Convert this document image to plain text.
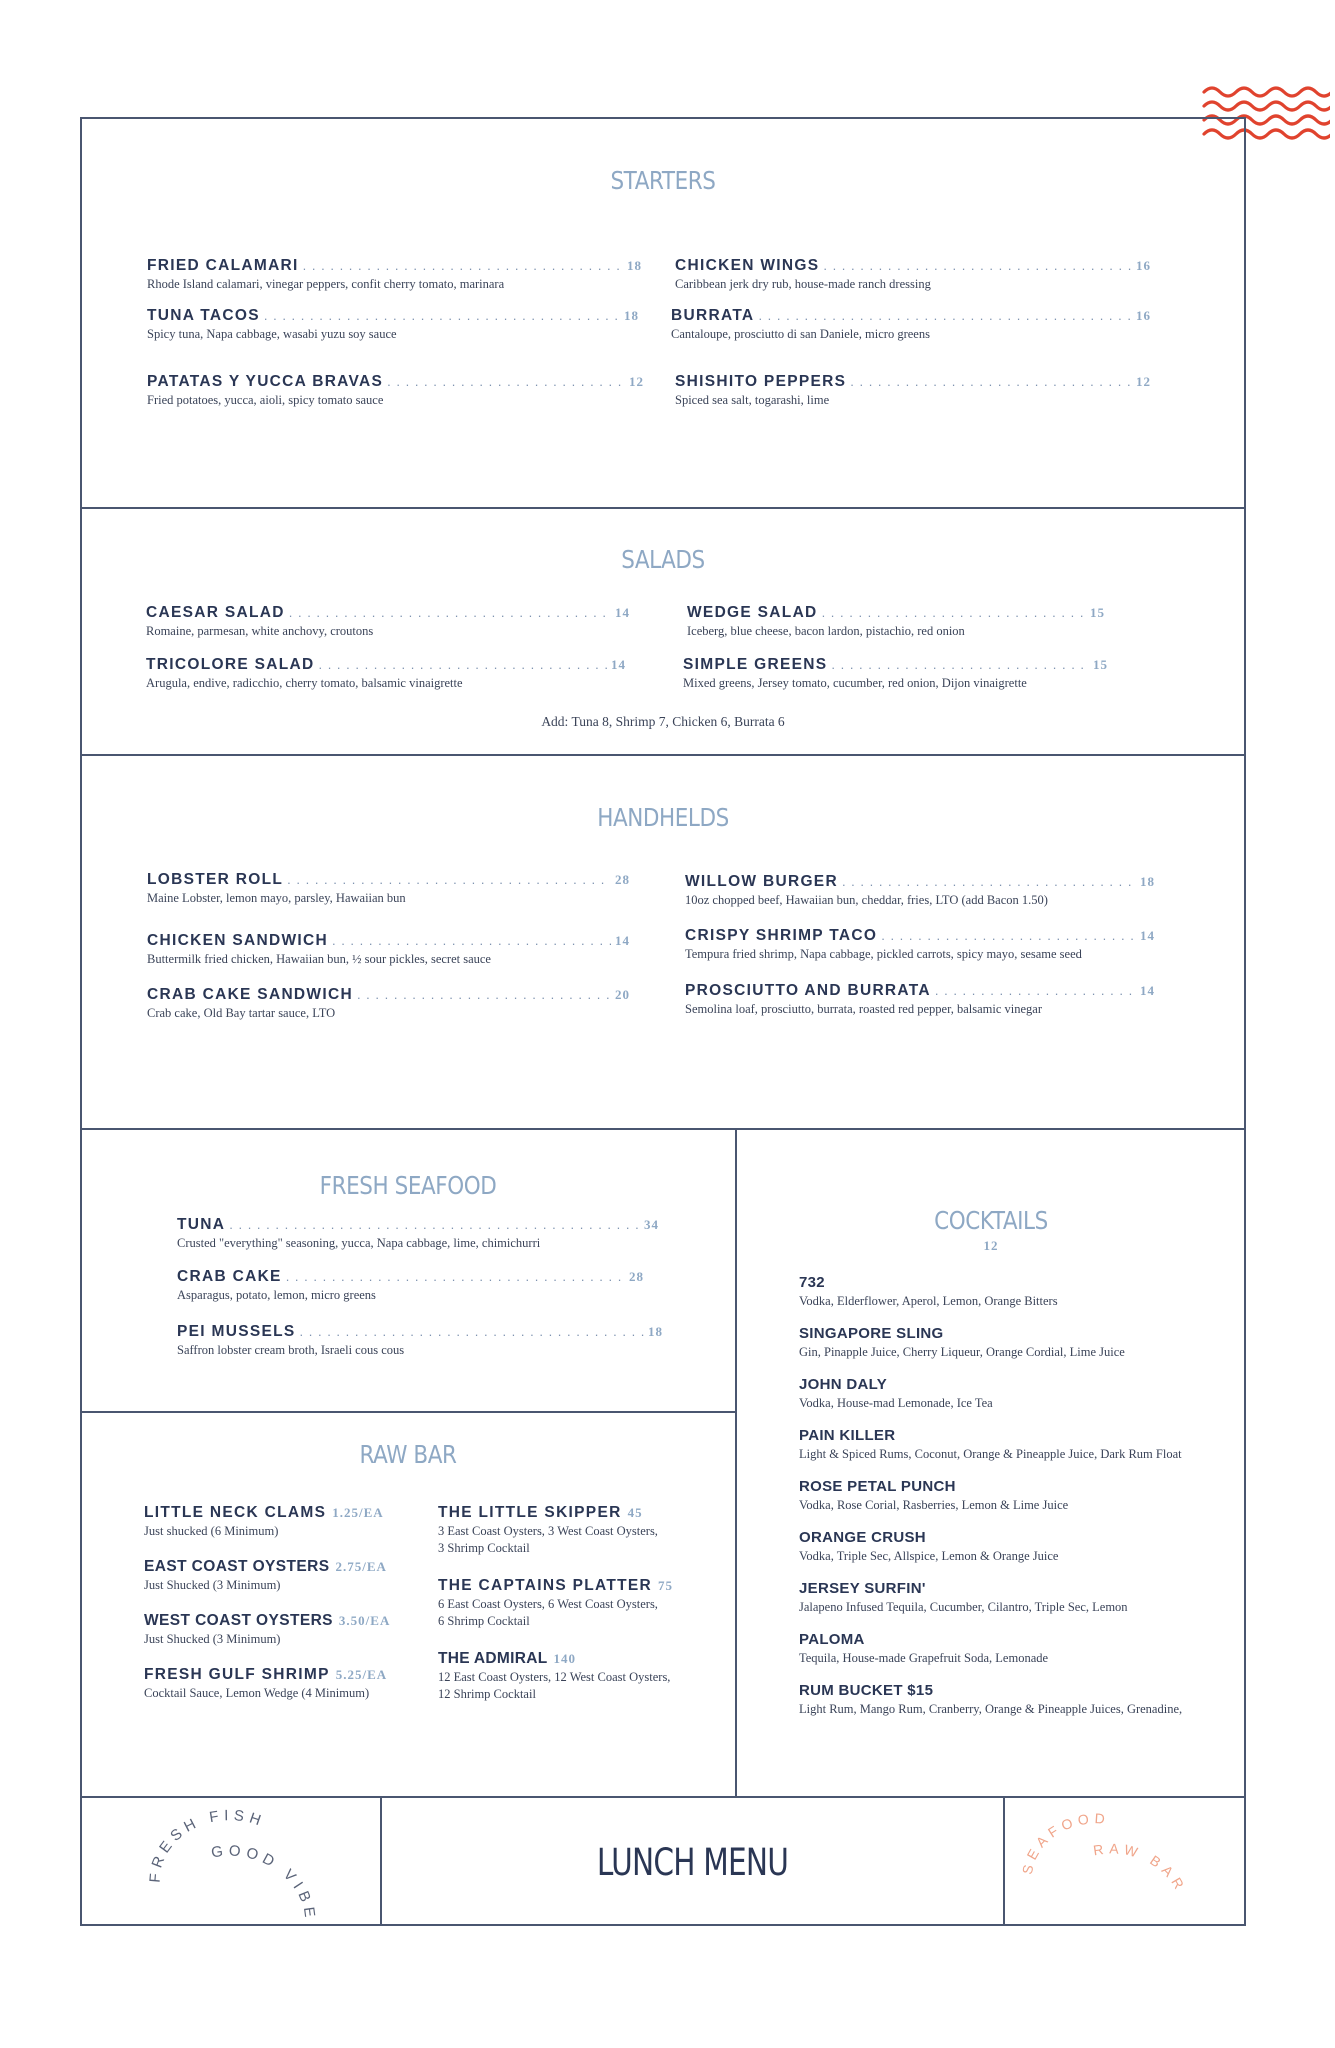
STARTERS
FRIED CALAMARI . . .	18
Rhode Island calamari, vinegar peppers, confit cherry tomato, marinara
CHICKEN WINGS . . .	16
Caribbean jerk dry rub, house-made ranch dressing
TUNA TACOS . . .	18
Spicy tuna, Napa cabbage, wasabi yuzu soy sauce
BURRATA . . .	16
Cantaloupe, prosciutto di san Daniele, micro greens
PATATAS Y YUCCA BRAVAS . . .	12
Fried potatoes, yucca, aioli, spicy tomato sauce
SHISHITO PEPPERS . . .	12
Spiced sea salt, togarashi, lime
SALADS
CAESAR SALAD . . .	14
Romaine, parmesan, white anchovy, croutons
WEDGE SALAD . . .	15
Iceberg, blue cheese, bacon lardon, pistachio, red onion
TRICOLORE SALAD . . .	14
Arugula, endive, radicchio, cherry tomato, balsamic vinaigrette
SIMPLE GREENS . . .	15
Mixed greens, Jersey tomato, cucumber, red onion, Dijon vinaigrette
Add: Tuna 8, Shrimp 7, Chicken 6, Burrata 6
HANDHELDS
LOBSTER ROLL . . .	28
Maine Lobster, lemon mayo, parsley, Hawaiian bun
WILLOW BURGER . . .	18
10oz chopped beef, Hawaiian bun, cheddar, fries, LTO (add Bacon 1.50)
CHICKEN SANDWICH . . .	14
Buttermilk fried chicken, Hawaiian bun, ½ sour pickles, secret sauce
CRISPY SHRIMP TACO . . .	14
Tempura fried shrimp, Napa cabbage, pickled carrots, spicy mayo, sesame seed
CRAB CAKE SANDWICH . . .	20
Crab cake, Old Bay tartar sauce, LTO
PROSCIUTTO AND BURRATA . . .	14
Semolina loaf, prosciutto, burrata, roasted red pepper, balsamic vinegar
FRESH SEAFOOD
TUNA . . .	34
Crusted "everything" seasoning, yucca, Napa cabbage, lime, chimichurri
CRAB CAKE . . .	28
Asparagus, potato, lemon, micro greens
PEI MUSSELS . . .	18
Saffron lobster cream broth, Israeli cous cous
RAW BAR
LITTLE NECK CLAMS 1.25/EA
Just shucked (6 Minimum)
EAST COAST OYSTERS 2.75/EA
Just Shucked (3 Minimum)
WEST COAST OYSTERS 3.50/EA
Just Shucked (3 Minimum)
FRESH GULF SHRIMP 5.25/EA
Cocktail Sauce, Lemon Wedge (4 Minimum)
THE LITTLE SKIPPER 45
3 East Coast Oysters, 3 West Coast Oysters,
3 Shrimp Cocktail
THE CAPTAINS PLATTER 75
6 East Coast Oysters, 6 West Coast Oysters,
6 Shrimp Cocktail
THE ADMIRAL 140
12 East Coast Oysters, 12 West Coast Oysters,
12 Shrimp Cocktail
COCKTAILS
12
732
Vodka, Elderflower, Aperol, Lemon, Orange Bitters
SINGAPORE SLING
Gin, Pinapple Juice, Cherry Liqueur, Orange Cordial, Lime Juice
JOHN DALY
Vodka, House-mad Lemonade, Ice Tea
PAIN KILLER
Light & Spiced Rums, Coconut, Orange & Pineapple Juice, Dark Rum Float
ROSE PETAL PUNCH
Vodka, Rose Corial, Rasberries, Lemon & Lime Juice
ORANGE CRUSH
Vodka, Triple Sec, Allspice, Lemon & Orange Juice
JERSEY SURFIN'
Jalapeno Infused Tequila, Cucumber, Cilantro, Triple Sec, Lemon
PALOMA
Tequila, House-made Grapefruit Soda, Lemonade
RUM BUCKET $15
Light Rum, Mango Rum, Cranberry, Orange & Pineapple Juices, Grenadine,
FRESH FISH
GOOD VIBES
LUNCH MENU	SEAFOOD
RAW BAR
